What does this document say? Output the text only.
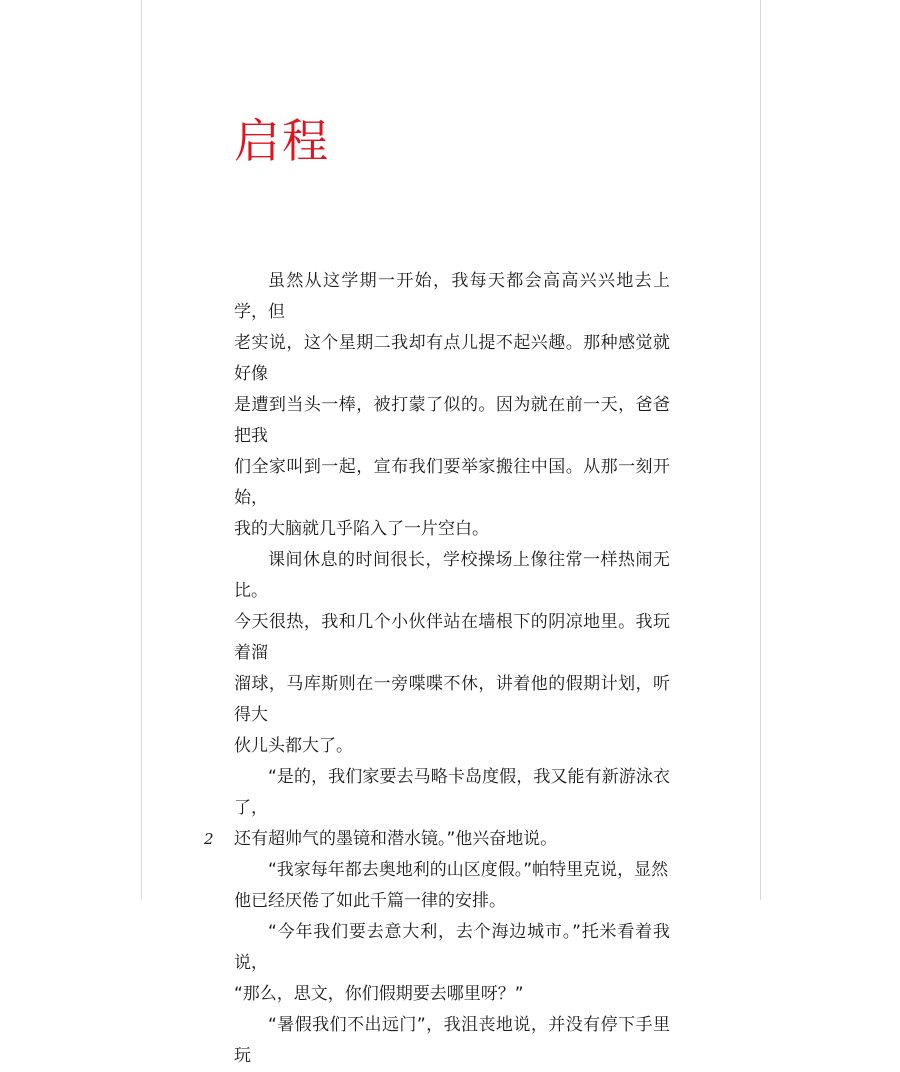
启程

虽然从这学期一开始，我每天都会高高兴兴地去上学，但
老实说，这个星期二我却有点儿提不起兴趣。那种感觉就好像
是遭到当头一棒，被打蒙了似的。因为就在前一天，爸爸把我
们全家叫到一起，宣布我们要举家搬往中国。从那一刻开始，
我的大脑就几乎陷入了一片空白。

课间休息的时间很长，学校操场上像往常一样热闹无比。
今天很热，我和几个小伙伴站在墙根下的阴凉地里。我玩着溜
溜球，马库斯则在一旁喋喋不休，讲着他的假期计划，听得大
伙儿头都大了。

“是的，我们家要去马略卡岛度假，我又能有新游泳衣了，
还有超帅气的墨镜和潜水镜。”他兴奋地说。

“我家每年都去奥地利的山区度假。”帕特里克说，显然
他已经厌倦了如此千篇一律的安排。

“今年我们要去意大利，去个海边城市。”托米看着我说，
“那么，思文，你们假期要去哪里呀？”

“暑假我们不出远门”，我沮丧地说，并没有停下手里玩

2
